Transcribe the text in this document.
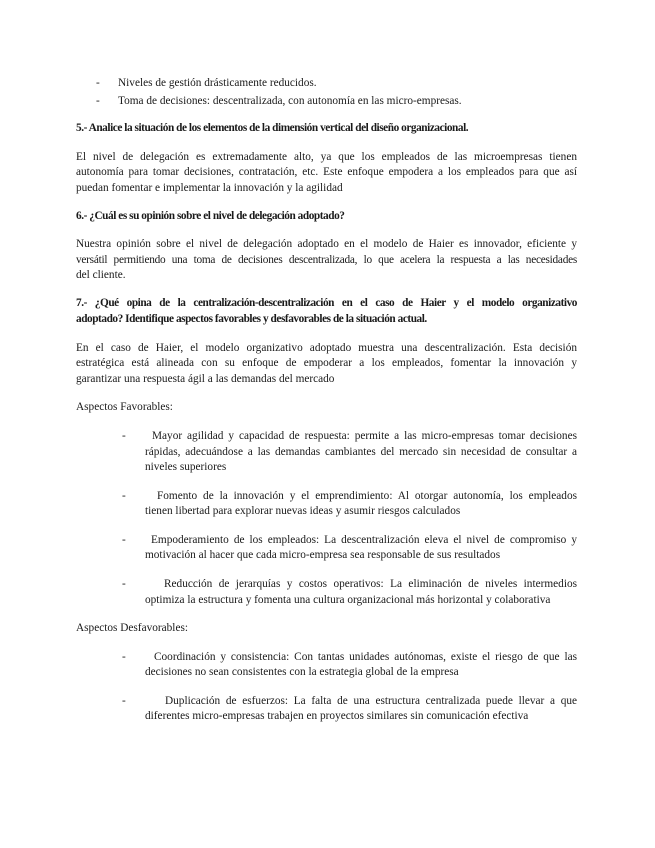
-	Niveles de gestión drásticamente reducidos.

-	Toma de decisiones: descentralizada, con autonomía en las micro-empresas.

5.- Analice la situación de los elementos de la dimensión vertical del diseño organizacional.

El nivel de delegación es extremadamente alto, ya que los empleados de las microempresas tienen

autonomía para tomar decisiones, contratación, etc. Este enfoque empodera a los empleados para que así

puedan fomentar e implementar la innovación y la agilidad

6.- ¿Cuál es su opinión sobre el nivel de delegación adoptado?

Nuestra opinión sobre el nivel de delegación adoptado en el modelo de Haier es innovador, eficiente y

versátil permitiendo una toma de decisiones descentralizada, lo que acelera la respuesta a las necesidades

del cliente.

7.- ¿Qué opina de la centralización-descentralización en el caso de Haier y el modelo organizativo

adoptado? Identifique aspectos favorables y desfavorables de la situación actual.

En el caso de Haier, el modelo organizativo adoptado muestra una descentralización. Esta decisión

estratégica está alineada con su enfoque de empoderar a los empleados, fomentar la innovación y

garantizar una respuesta ágil a las demandas del mercado

Aspectos Favorables:

-	Mayor agilidad y capacidad de respuesta: permite a las micro-empresas tomar decisiones

rápidas, adecuándose a las demandas cambiantes del mercado sin necesidad de consultar a

niveles superiores

-	Fomento de la innovación y el emprendimiento: Al otorgar autonomía, los empleados

tienen libertad para explorar nuevas ideas y asumir riesgos calculados

-	Empoderamiento de los empleados: La descentralización eleva el nivel de compromiso y

motivación al hacer que cada micro-empresa sea responsable de sus resultados

-	Reducción de jerarquías y costos operativos: La eliminación de niveles intermedios

optimiza la estructura y fomenta una cultura organizacional más horizontal y colaborativa

Aspectos Desfavorables:

-	Coordinación y consistencia: Con tantas unidades autónomas, existe el riesgo de que las

decisiones no sean consistentes con la estrategia global de la empresa

-	Duplicación de esfuerzos: La falta de una estructura centralizada puede llevar a que

diferentes micro-empresas trabajen en proyectos similares sin comunicación efectiva
